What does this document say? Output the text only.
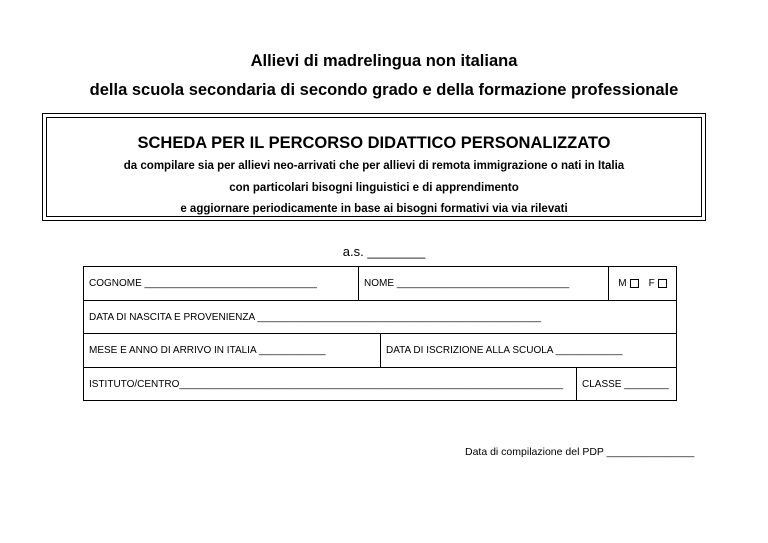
Allievi di madrelingua non italiana
della scuola secondaria di secondo grado e della formazione professionale
SCHEDA PER IL PERCORSO DIDATTICO PERSONALIZZATO
da compilare sia per allievi neo-arrivati che per allievi di remota immigrazione o nati in Italia
con particolari bisogni linguistici e di apprendimento
e aggiornare periodicamente in base ai bisogni formativi via via rilevati
a.s. ________
COGNOME _______________________________	NOME _______________________________	M F
DATA DI NASCITA E PROVENIENZA ___________________________________________________
MESE E ANNO DI ARRIVO IN ITALIA ____________	DATA DI ISCRIZIONE ALLA SCUOLA ____________
ISTITUTO/CENTRO_____________________________________________________________________	CLASSE ________
Data di compilazione del PDP _______________
